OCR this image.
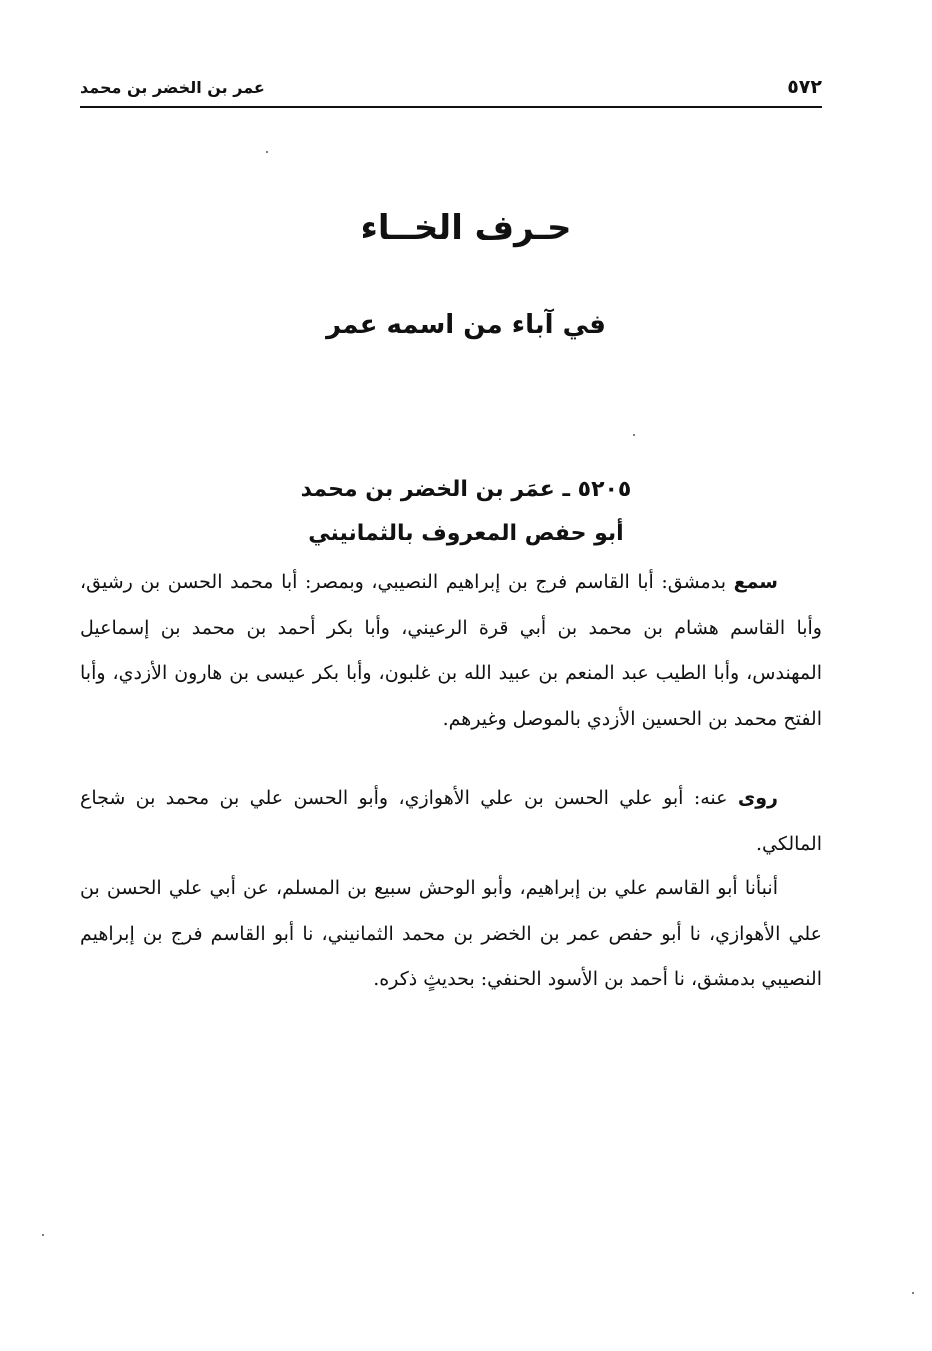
٥٧٢
عمر بن الخضر بن محمد
حـرف الخــاء
في آباء من اسمه عمر
٥٢٠٥ ـ عمَر بن الخضر بن محمد
أبو حفص المعروف بالثمانيني

سمع بدمشق: أبا القاسم فرج بن إبراهيم النصيبي، وبمصر: أبا محمد الحسن بن رشيق، وأبا القاسم هشام بن محمد بن أبي قرة الرعيني، وأبا بكر أحمد بن محمد بن إسماعيل المهندس، وأبا الطيب عبد المنعم بن عبيد الله بن غلبون، وأبا بكر عيسى بن هارون الأزدي، وأبا الفتح محمد بن الحسين الأزدي بالموصل وغيرهم.

روى عنه: أبو علي الحسن بن علي الأهوازي، وأبو الحسن علي بن محمد بن شجاع المالكي.

أنبأنا أبو القاسم علي بن إبراهيم، وأبو الوحش سبيع بن المسلم، عن أبي علي الحسن بن علي الأهوازي، نا أبو حفص عمر بن الخضر بن محمد الثمانيني، نا أبو القاسم فرج بن إبراهيم النصيبي بدمشق، نا أحمد بن الأسود الحنفي: بحديثٍ ذكره.
